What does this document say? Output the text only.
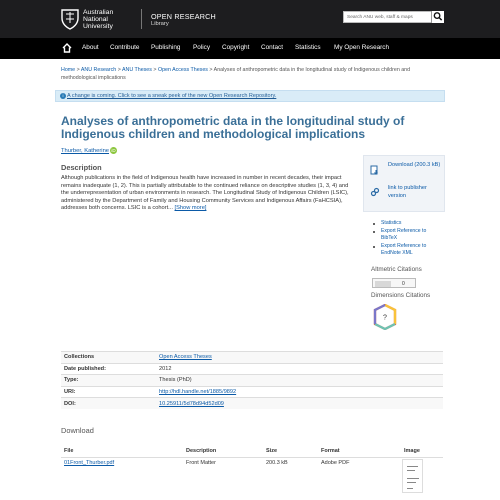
Australian
National
University
OPEN RESEARCH
Library
Search ANU web, staff & maps
About Contribute Publishing Policy Copyright Contact Statistics My Open Research
Home > ANU Research > ANU Theses > Open Access Theses > Analyses of anthropometric data in the longitudinal study of Indigenous children and methodological implications
i A change is coming. Click to see a sneak peek of the new Open Research Repository.
Analyses of anthropometric data in the longitudinal study of Indigenous children and methodological implications
Thurber, Katherine iD
Description

Although publications in the field of Indigenous health have increased in number in recent decades, their impact remains inadequate (1, 2). This is partially attributable to the continued reliance on descriptive studies (1, 3, 4) and the underrepresentation of urban environments in research. The Longitudinal Study of Indigenous Children (LSIC), administered by the Department of Family and Housing Community Services and Indigenous Affairs (FaHCSIA), addresses both concerns. LSIC is a cohort... [Show more]

Download (200.3 kB)
link to publisher version
Statistics
Export Reference to BibTeX
Export Reference to EndNote XML
Altmetric Citations
0
Dimensions Citations
?
Collections	Open Access Theses
Date published:	2012
Type:	Thesis (PhD)
URI:	http://hdl.handle.net/1885/9892
DOI:	10.25911/5d78d94d52d09
Download
File	Description	Size	Format	Image
01Front_Thurber.pdf	Front Matter	200.3 kB	Adobe PDF	
